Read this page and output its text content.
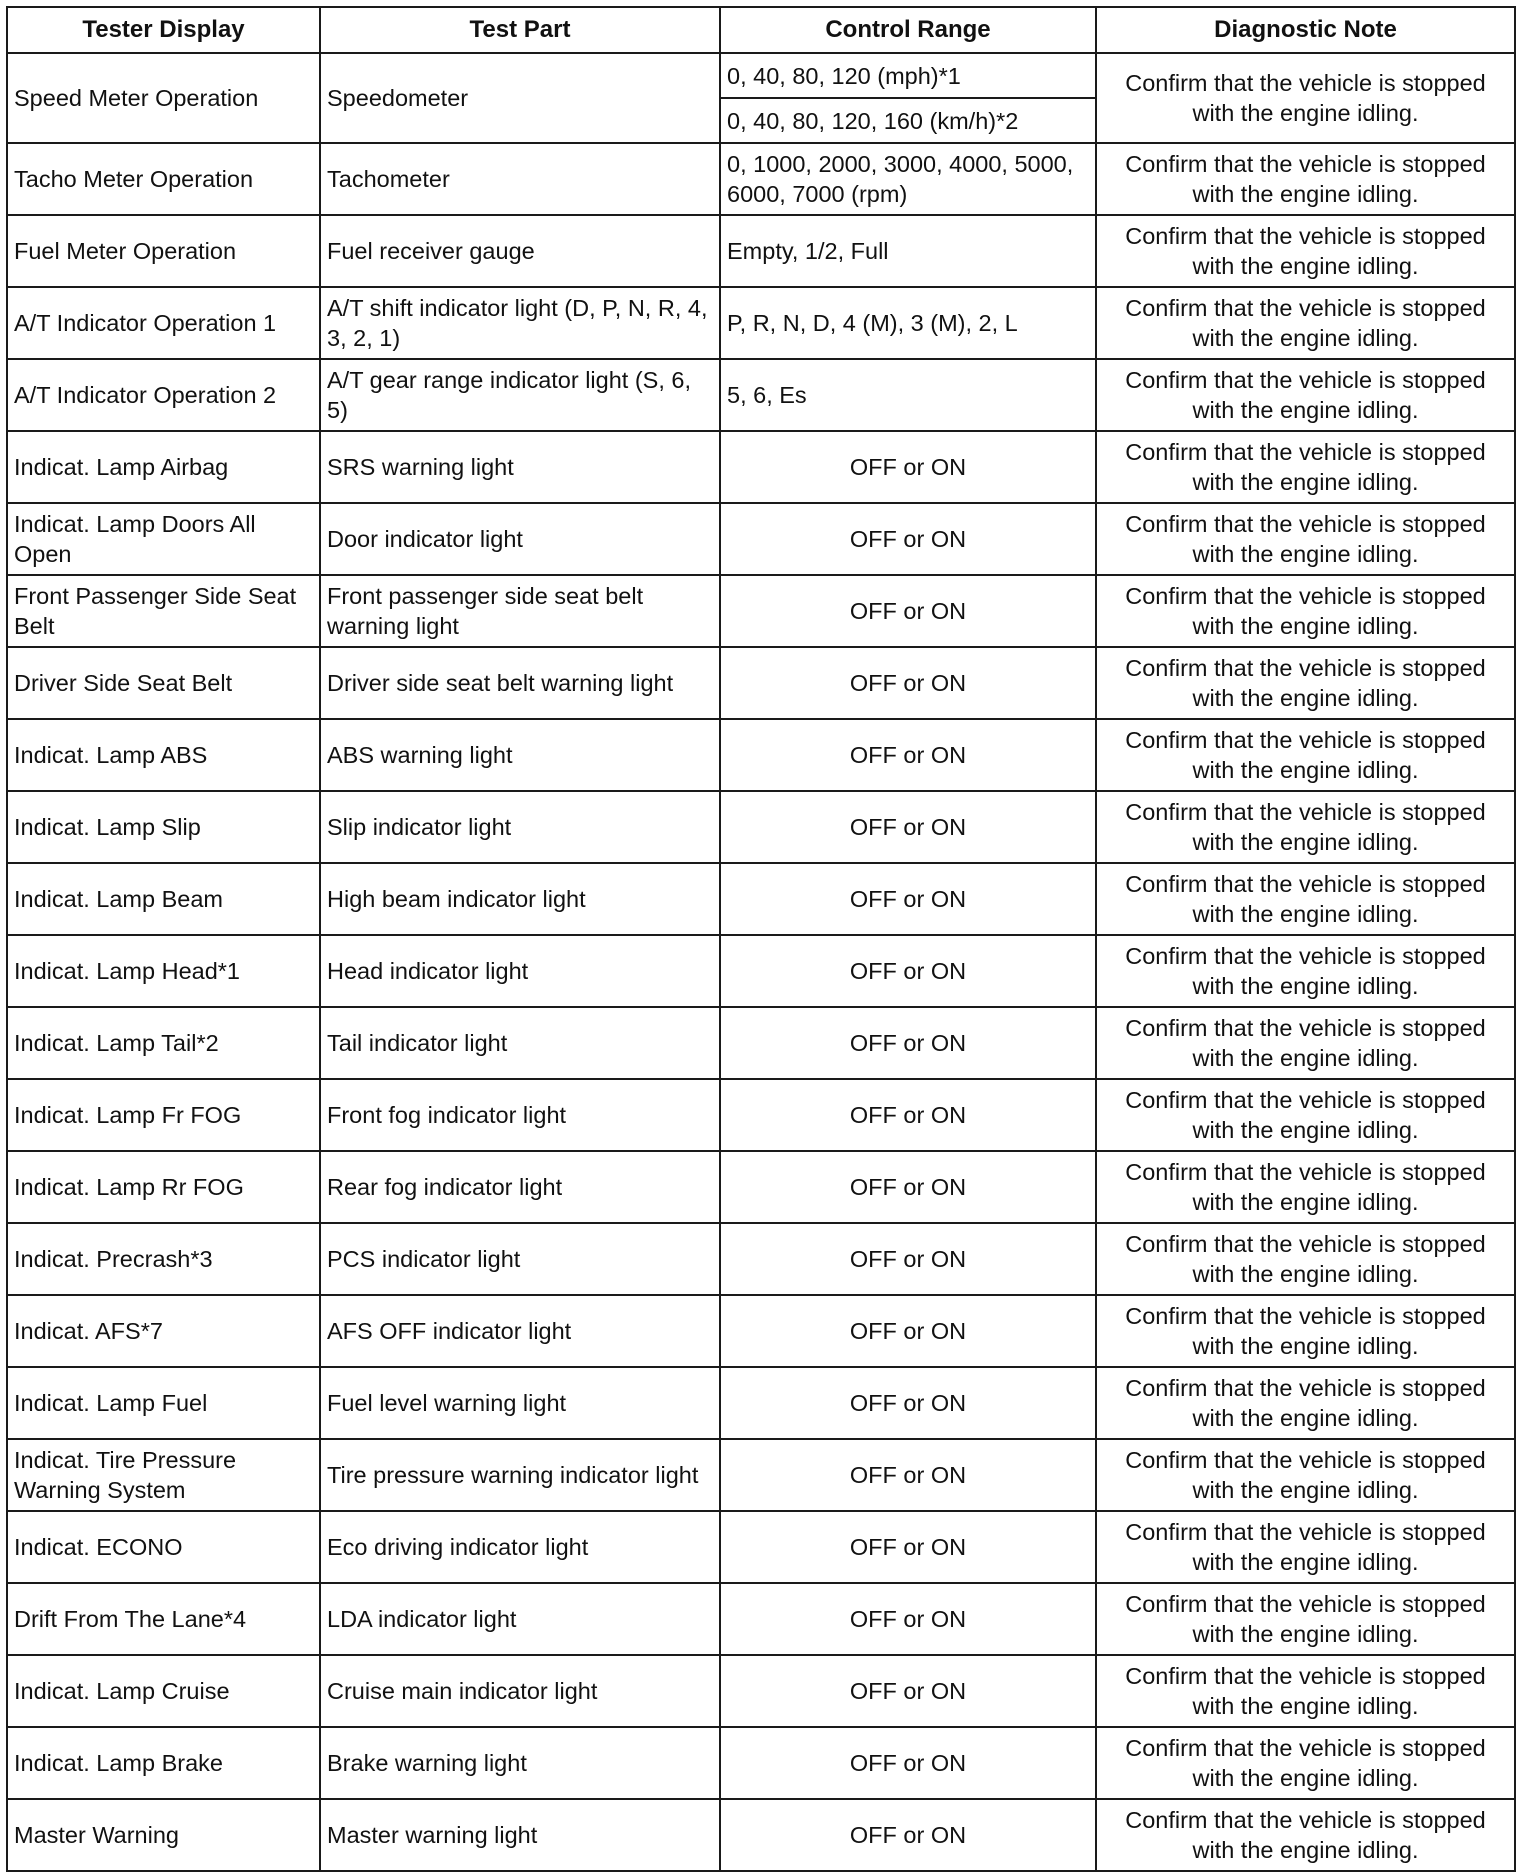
Tester Display	Test Part	Control Range	Diagnostic Note
Speed Meter Operation	Speedometer	0, 40, 80, 120 (mph)*1	Confirm that the vehicle is stopped with the engine idling.
		0, 40, 80, 120, 160 (km/h)*2	
Tacho Meter Operation	Tachometer	0, 1000, 2000, 3000, 4000, 5000, 6000, 7000 (rpm)	Confirm that the vehicle is stopped with the engine idling.
Fuel Meter Operation	Fuel receiver gauge	Empty, 1/2, Full	Confirm that the vehicle is stopped with the engine idling.
A/T Indicator Operation 1	A/T shift indicator light (D, P, N, R, 4, 3, 2, 1)	P, R, N, D, 4 (M), 3 (M), 2, L	Confirm that the vehicle is stopped with the engine idling.
A/T Indicator Operation 2	A/T gear range indicator light (S, 6, 5)	5, 6, Es	Confirm that the vehicle is stopped with the engine idling.
Indicat. Lamp Airbag	SRS warning light	OFF or ON	Confirm that the vehicle is stopped with the engine idling.
Indicat. Lamp Doors All Open	Door indicator light	OFF or ON	Confirm that the vehicle is stopped with the engine idling.
Front Passenger Side Seat Belt	Front passenger side seat belt warning light	OFF or ON	Confirm that the vehicle is stopped with the engine idling.
Driver Side Seat Belt	Driver side seat belt warning light	OFF or ON	Confirm that the vehicle is stopped with the engine idling.
Indicat. Lamp ABS	ABS warning light	OFF or ON	Confirm that the vehicle is stopped with the engine idling.
Indicat. Lamp Slip	Slip indicator light	OFF or ON	Confirm that the vehicle is stopped with the engine idling.
Indicat. Lamp Beam	High beam indicator light	OFF or ON	Confirm that the vehicle is stopped with the engine idling.
Indicat. Lamp Head*1	Head indicator light	OFF or ON	Confirm that the vehicle is stopped with the engine idling.
Indicat. Lamp Tail*2	Tail indicator light	OFF or ON	Confirm that the vehicle is stopped with the engine idling.
Indicat. Lamp Fr FOG	Front fog indicator light	OFF or ON	Confirm that the vehicle is stopped with the engine idling.
Indicat. Lamp Rr FOG	Rear fog indicator light	OFF or ON	Confirm that the vehicle is stopped with the engine idling.
Indicat. Precrash*3	PCS indicator light	OFF or ON	Confirm that the vehicle is stopped with the engine idling.
Indicat. AFS*7	AFS OFF indicator light	OFF or ON	Confirm that the vehicle is stopped with the engine idling.
Indicat. Lamp Fuel	Fuel level warning light	OFF or ON	Confirm that the vehicle is stopped with the engine idling.
Indicat. Tire Pressure Warning System	Tire pressure warning indicator light	OFF or ON	Confirm that the vehicle is stopped with the engine idling.
Indicat. ECONO	Eco driving indicator light	OFF or ON	Confirm that the vehicle is stopped with the engine idling.
Drift From The Lane*4	LDA indicator light	OFF or ON	Confirm that the vehicle is stopped with the engine idling.
Indicat. Lamp Cruise	Cruise main indicator light	OFF or ON	Confirm that the vehicle is stopped with the engine idling.
Indicat. Lamp Brake	Brake warning light	OFF or ON	Confirm that the vehicle is stopped with the engine idling.
Master Warning	Master warning light	OFF or ON	Confirm that the vehicle is stopped with the engine idling.
